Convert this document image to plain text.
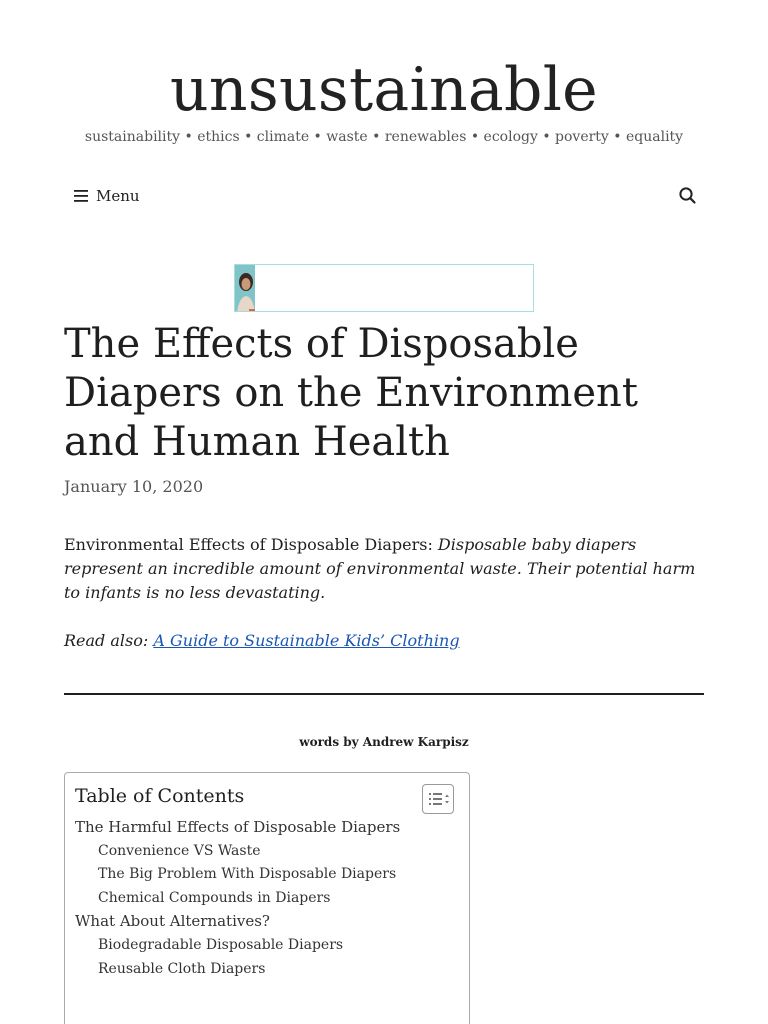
unsustainable
sustainability • ethics • climate • waste • renewables • ecology • poverty • equality
Menu
The Effects of Disposable Diapers on the Environment and Human Health
January 10, 2020

Environmental Effects of Disposable Diapers: Disposable baby diapers represent an incredible amount of environmental waste. Their potential harm to infants is no less devastating.

Read also: A Guide to Sustainable Kids’ Clothing

words by Andrew Karpisz
Table of Contents
The Harmful Effects of Disposable Diapers
Convenience VS Waste
The Big Problem With Disposable Diapers
Chemical Compounds in Diapers
What About Alternatives?
Biodegradable Disposable Diapers
Reusable Cloth Diapers
